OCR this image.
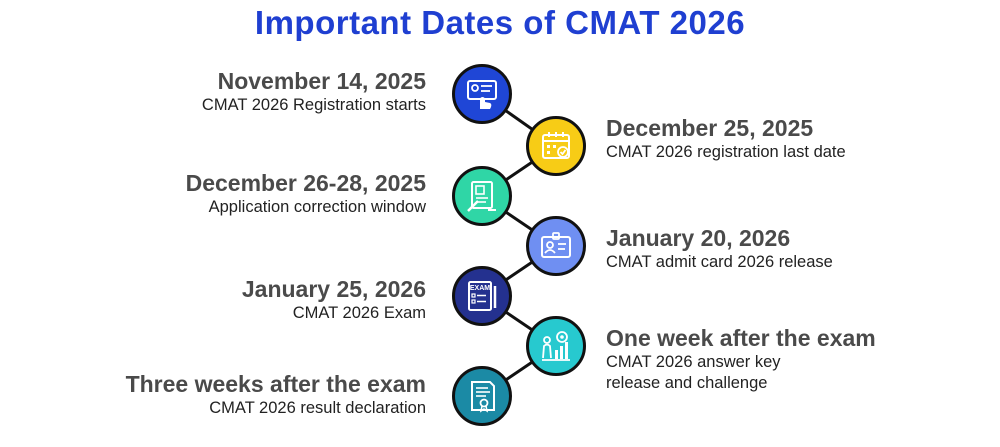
Important Dates of CMAT 2026
EXAM
November 14, 2025
CMAT 2026 Registration starts
December 25, 2025
CMAT 2026 registration last date
December 26-28, 2025
Application correction window
January 20, 2026
CMAT admit card 2026 release
January 25, 2026
CMAT 2026 Exam
One week after the exam
CMAT 2026 answer key
release and challenge
Three weeks after the exam
CMAT 2026 result declaration
